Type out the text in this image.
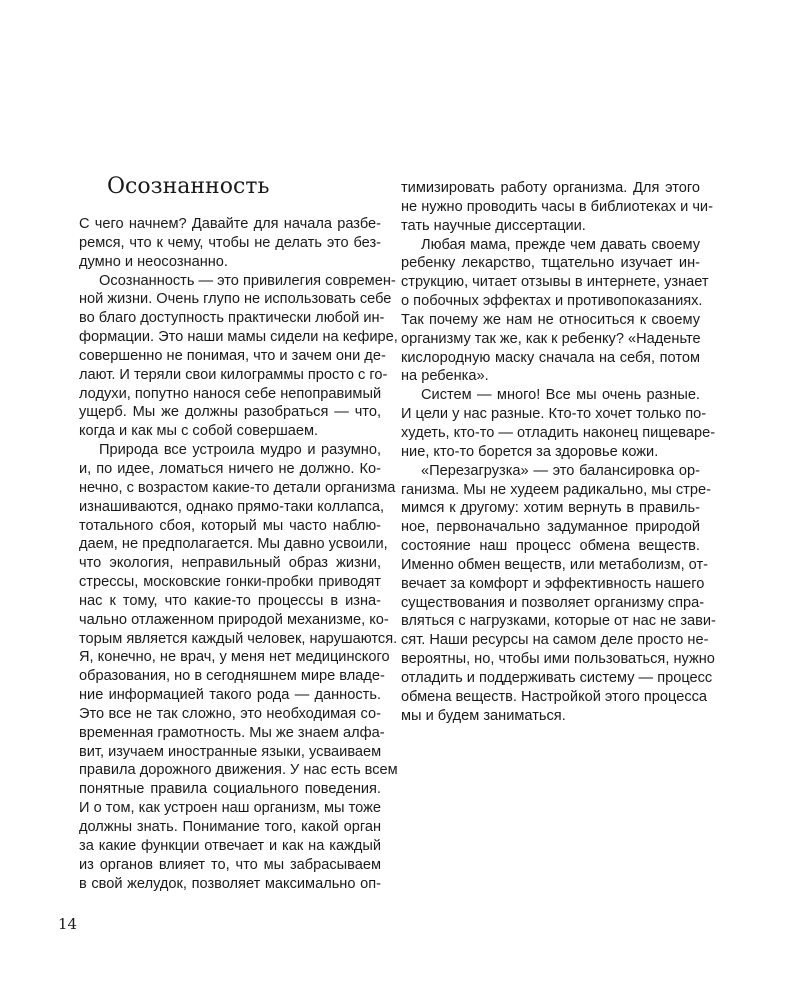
Осознанность
С чего начнем? Давайте для начала разбе-
ремся, что к чему, чтобы не делать это без-
думно и неосознанно.
Осознанность — это привилегия современ-
ной жизни. Очень глупо не использовать себе
во благо доступность практически любой ин-
формации. Это наши мамы сидели на кефире,
совершенно не понимая, что и зачем они де-
лают. И теряли свои килограммы просто с го-
лодухи, попутно нанося себе непоправимый
ущерб. Мы же должны разобраться — что,
когда и как мы с собой совершаем.
Природа все устроила мудро и разумно,
и, по идее, ломаться ничего не должно. Ко-
нечно, с возрастом какие-то детали организма
изнашиваются, однако прямо-таки коллапса,
тотального сбоя, который мы часто наблю-
даем, не предполагается. Мы давно усвоили,
что экология, неправильный образ жизни,
стрессы, московские гонки-пробки приводят
нас к тому, что какие-то процессы в изна-
чально отлаженном природой механизме, ко-
торым является каждый человек, нарушаются.
Я, конечно, не врач, у меня нет медицинского
образования, но в сегодняшнем мире владе-
ние информацией такого рода — данность.
Это все не так сложно, это необходимая со-
временная грамотность. Мы же знаем алфа-
вит, изучаем иностранные языки, усваиваем
правила дорожного движения. У нас есть всем
понятные правила социального поведения.
И о том, как устроен наш организм, мы тоже
должны знать. Понимание того, какой орган
за какие функции отвечает и как на каждый
из органов влияет то, что мы забрасываем
в свой желудок, позволяет максимально оп-
тимизировать работу организма. Для этого
не нужно проводить часы в библиотеках и чи-
тать научные диссертации.
Любая мама, прежде чем давать своему
ребенку лекарство, тщательно изучает ин-
струкцию, читает отзывы в интернете, узнает
о побочных эффектах и противопоказаниях.
Так почему же нам не относиться к своему
организму так же, как к ребенку? «Наденьте
кислородную маску сначала на себя, потом
на ребенка».
Систем — много! Все мы очень разные.
И цели у нас разные. Кто-то хочет только по-
худеть, кто-то — отладить наконец пищеваре-
ние, кто-то борется за здоровье кожи.
«Перезагрузка» — это балансировка ор-
ганизма. Мы не худеем радикально, мы стре-
мимся к другому: хотим вернуть в правиль-
ное, первоначально задуманное природой
состояние наш процесс обмена веществ.
Именно обмен веществ, или метаболизм, от-
вечает за комфорт и эффективность нашего
существования и позволяет организму спра-
вляться с нагрузками, которые от нас не зави-
сят. Наши ресурсы на самом деле просто не-
вероятны, но, чтобы ими пользоваться, нужно
отладить и поддерживать систему — процесс
обмена веществ. Настройкой этого процесса
мы и будем заниматься.
14
